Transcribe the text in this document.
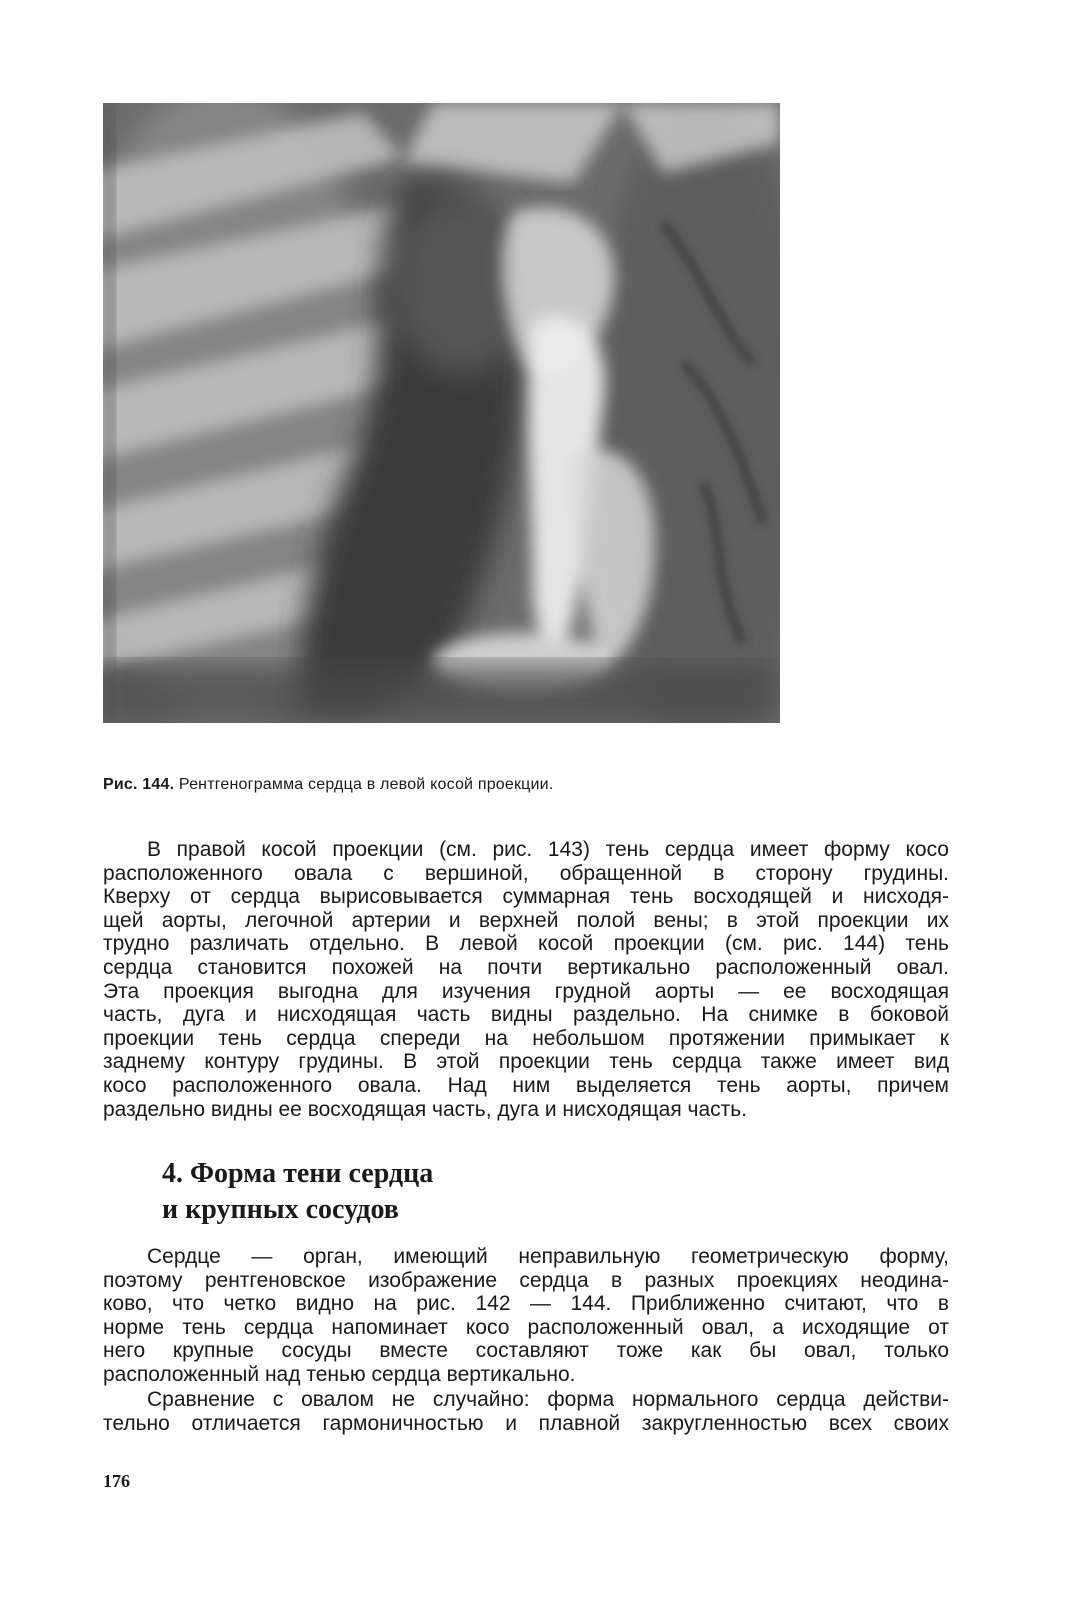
Рис. 144. Рентгенограмма сердца в левой косой проекции.
В правой косой проекции (см. рис. 143) тень сердца имеет форму косо
расположенного овала с вершиной, обращенной в сторону грудины.
Кверху от сердца вырисовывается суммарная тень восходящей и нисходя-
щей аорты, легочной артерии и верхней полой вены; в этой проекции их
трудно различать отдельно. В левой косой проекции (см. рис. 144) тень
сердца становится похожей на почти вертикально расположенный овал.
Эта проекция выгодна для изучения грудной аорты — ее восходящая
часть, дуга и нисходящая часть видны раздельно. На снимке в боковой
проекции тень сердца спереди на небольшом протяжении примыкает к
заднему контуру грудины. В этой проекции тень сердца также имеет вид
косо расположенного овала. Над ним выделяется тень аорты, причем
раздельно видны ее восходящая часть, дуга и нисходящая часть.
4. Форма тени сердца
и крупных сосудов
Сердце — орган, имеющий неправильную геометрическую форму,
поэтому рентгеновское изображение сердца в разных проекциях неодина-
ково, что четко видно на рис. 142 — 144. Приближенно считают, что в
норме тень сердца напоминает косо расположенный овал, а исходящие от
него крупные сосуды вместе составляют тоже как бы овал, только
расположенный над тенью сердца вертикально.
Сравнение с овалом не случайно: форма нормального сердца действи-
тельно отличается гармоничностью и плавной закругленностью всех своих
176
